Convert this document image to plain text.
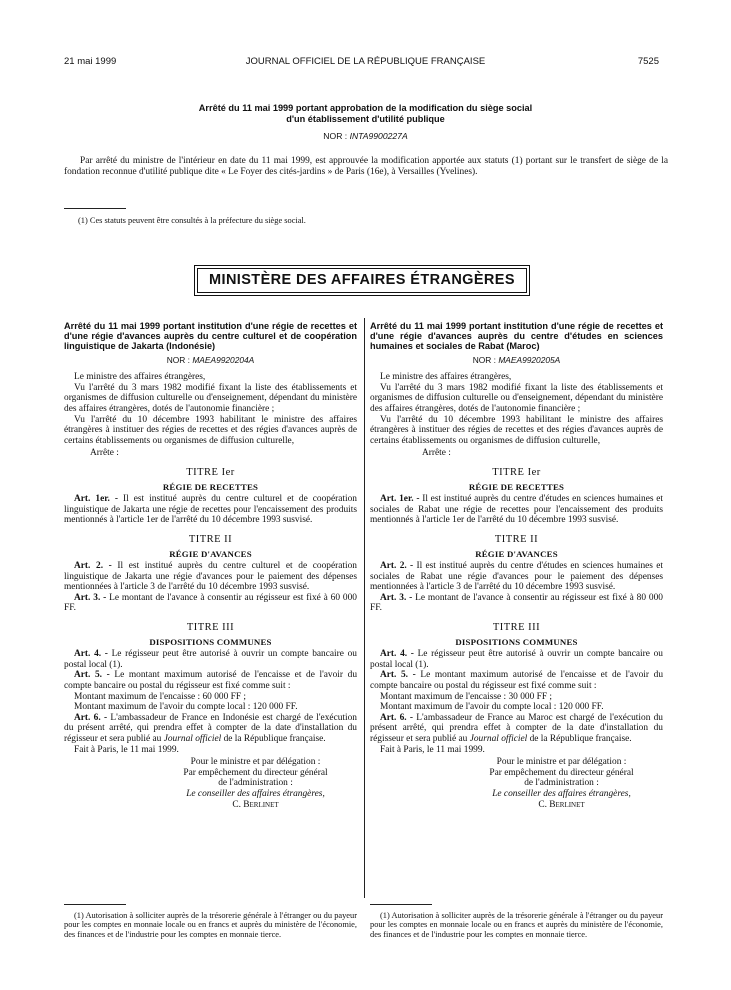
21 mai 1999	JOURNAL OFFICIEL DE LA RÉPUBLIQUE FRANÇAISE	7525
Arrêté du 11 mai 1999 portant approbation de la modification du siège social
d'un établissement d'utilité publique
NOR : INTA9900227A
Par arrêté du ministre de l'intérieur en date du 11 mai 1999, est approuvée la modification apportée aux statuts (1) portant sur le transfert de siège de la fondation reconnue d'utilité publique dite « Le Foyer des cités-jardins » de Paris (16e), à Versailles (Yvelines).
(1) Ces statuts peuvent être consultés à la préfecture du siège social.
MINISTÈRE DES AFFAIRES ÉTRANGÈRES
Arrêté du 11 mai 1999 portant institution d'une régie de recettes et d'une régie d'avances auprès du centre culturel et de coopération linguistique de Jakarta (Indonésie)
NOR : MAEA9920204A

Le ministre des affaires étrangères,

Vu l'arrêté du 3 mars 1982 modifié fixant la liste des établissements et organismes de diffusion culturelle ou d'enseignement, dépendant du ministère des affaires étrangères, dotés de l'autonomie financière ;

Vu l'arrêté du 10 décembre 1993 habilitant le ministre des affaires étrangères à instituer des régies de recettes et des régies d'avances auprès de certains établissements ou organismes de diffusion culturelle,

Arrête :

TITRE Ier
RÉGIE DE RECETTES

Art. 1er. - Il est institué auprès du centre culturel et de coopération linguistique de Jakarta une régie de recettes pour l'encaissement des produits mentionnés à l'article 1er de l'arrêté du 10 décembre 1993 susvisé.

TITRE II
RÉGIE D'AVANCES

Art. 2. - Il est institué auprès du centre culturel et de coopération linguistique de Jakarta une régie d'avances pour le paiement des dépenses mentionnées à l'article 3 de l'arrêté du 10 décembre 1993 susvisé.

Art. 3. - Le montant de l'avance à consentir au régisseur est fixé à 60 000 FF.

TITRE III
DISPOSITIONS COMMUNES

Art. 4. - Le régisseur peut être autorisé à ouvrir un compte bancaire ou postal local (1).

Art. 5. - Le montant maximum autorisé de l'encaisse et de l'avoir du compte bancaire ou postal du régisseur est fixé comme suit :

Montant maximum de l'encaisse : 60 000 FF ;

Montant maximum de l'avoir du compte local : 120 000 FF.

Art. 6. - L'ambassadeur de France en Indonésie est chargé de l'exécution du présent arrêté, qui prendra effet à compter de la date d'installation du régisseur et sera publié au Journal officiel de la République française.

Fait à Paris, le 11 mai 1999.

Pour le ministre et par délégation :
Par empêchement du directeur général
de l'administration :
Le conseiller des affaires étrangères,
C. Berlinet
Arrêté du 11 mai 1999 portant institution d'une régie de recettes et d'une régie d'avances auprès du centre d'études en sciences humaines et sociales de Rabat (Maroc)
NOR : MAEA9920205A

Le ministre des affaires étrangères,

Vu l'arrêté du 3 mars 1982 modifié fixant la liste des établissements et organismes de diffusion culturelle ou d'enseignement, dépendant du ministère des affaires étrangères, dotés de l'autonomie financière ;

Vu l'arrêté du 10 décembre 1993 habilitant le ministre des affaires étrangères à instituer des régies de recettes et des régies d'avances auprès de certains établissements ou organismes de diffusion culturelle,

Arrête :

TITRE Ier
RÉGIE DE RECETTES

Art. 1er. - Il est institué auprès du centre d'études en sciences humaines et sociales de Rabat une régie de recettes pour l'encaissement des produits mentionnés à l'article 1er de l'arrêté du 10 décembre 1993 susvisé.

TITRE II
RÉGIE D'AVANCES

Art. 2. - Il est institué auprès du centre d'études en sciences humaines et sociales de Rabat une régie d'avances pour le paiement des dépenses mentionnées à l'article 3 de l'arrêté du 10 décembre 1993 susvisé.

Art. 3. - Le montant de l'avance à consentir au régisseur est fixé à 80 000 FF.

TITRE III
DISPOSITIONS COMMUNES

Art. 4. - Le régisseur peut être autorisé à ouvrir un compte bancaire ou postal local (1).

Art. 5. - Le montant maximum autorisé de l'encaisse et de l'avoir du compte bancaire ou postal du régisseur est fixé comme suit :

Montant maximum de l'encaisse : 30 000 FF ;

Montant maximum de l'avoir du compte local : 120 000 FF.

Art. 6. - L'ambassadeur de France au Maroc est chargé de l'exécution du présent arrêté, qui prendra effet à compter de la date d'installation du régisseur et sera publié au Journal officiel de la République française.

Fait à Paris, le 11 mai 1999.

Pour le ministre et par délégation :
Par empêchement du directeur général
de l'administration :
Le conseiller des affaires étrangères,
C. Berlinet
(1) Autorisation à solliciter auprès de la trésorerie générale à l'étranger ou du payeur pour les comptes en monnaie locale ou en francs et auprès du ministère de l'économie, des finances et de l'industrie pour les comptes en monnaie tierce.
(1) Autorisation à solliciter auprès de la trésorerie générale à l'étranger ou du payeur pour les comptes en monnaie locale ou en francs et auprès du ministère de l'économie, des finances et de l'industrie pour les comptes en monnaie tierce.
